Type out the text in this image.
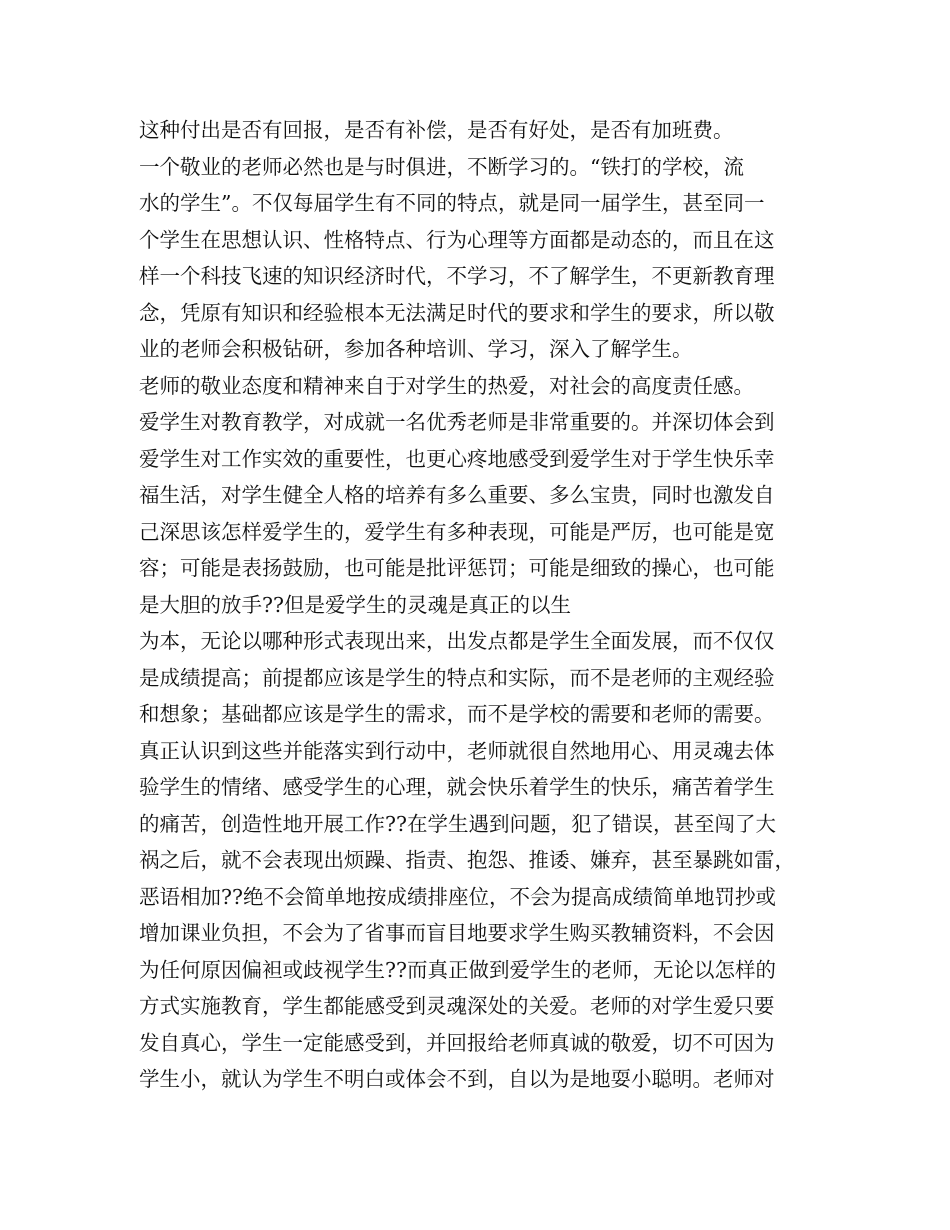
这种付出是否有回报，是否有补偿，是否有好处，是否有加班费。
一个敬业的老师必然也是与时俱进，不断学习的。“铁打的学校，流
水的学生”。不仅每届学生有不同的特点，就是同一届学生，甚至同一
个学生在思想认识、性格特点、行为心理等方面都是动态的，而且在这
样一个科技飞速的知识经济时代，不学习，不了解学生，不更新教育理
念，凭原有知识和经验根本无法满足时代的要求和学生的要求，所以敬
业的老师会积极钻研，参加各种培训、学习，深入了解学生。
老师的敬业态度和精神来自于对学生的热爱，对社会的高度责任感。
爱学生对教育教学，对成就一名优秀老师是非常重要的。并深切体会到
爱学生对工作实效的重要性，也更心疼地感受到爱学生对于学生快乐幸
福生活，对学生健全人格的培养有多么重要、多么宝贵，同时也激发自
己深思该怎样爱学生的，爱学生有多种表现，可能是严厉，也可能是宽
容；可能是表扬鼓励，也可能是批评惩罚；可能是细致的操心，也可能
是大胆的放手??但是爱学生的灵魂是真正的以生
为本，无论以哪种形式表现出来，出发点都是学生全面发展，而不仅仅
是成绩提高；前提都应该是学生的特点和实际，而不是老师的主观经验
和想象；基础都应该是学生的需求，而不是学校的需要和老师的需要。
真正认识到这些并能落实到行动中，老师就很自然地用心、用灵魂去体
验学生的情绪、感受学生的心理，就会快乐着学生的快乐，痛苦着学生
的痛苦，创造性地开展工作??在学生遇到问题，犯了错误，甚至闯了大
祸之后，就不会表现出烦躁、指责、抱怨、推诿、嫌弃，甚至暴跳如雷，
恶语相加??绝不会简单地按成绩排座位，不会为提高成绩简单地罚抄或
增加课业负担，不会为了省事而盲目地要求学生购买教辅资料，不会因
为任何原因偏袒或歧视学生??而真正做到爱学生的老师，无论以怎样的
方式实施教育，学生都能感受到灵魂深处的关爱。老师的对学生爱只要
发自真心，学生一定能感受到，并回报给老师真诚的敬爱，切不可因为
学生小，就认为学生不明白或体会不到，自以为是地耍小聪明。老师对
